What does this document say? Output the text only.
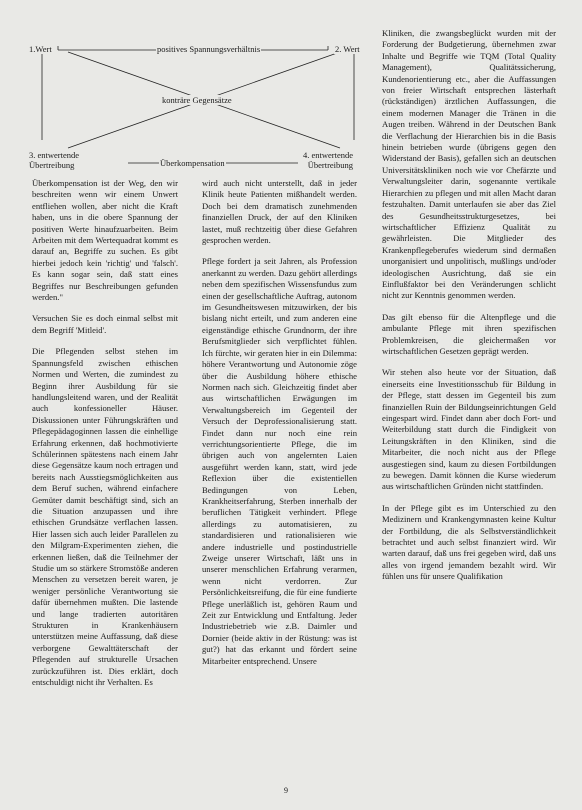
1.Wert	positives Spannungsverhältnis	2. Wert
konträre Gegensätze
3. entwertende
Übertreibung	Überkompensation
4. entwertende
Übertreibung

Überkompensation ist der Weg, den wir beschreiten wenn wir einem Unwert entfliehen wollen, aber nicht die Kraft haben, uns in die obere Spannung der positiven Werte hinaufzuarbeiten. Beim Arbeiten mit dem Wertequadrat kommt es darauf an, Begriffe zu suchen. Es gibt hierbei jedoch kein 'richtig' und 'falsch'. Es kann sogar sein, daß statt eines Begriffes nur Beschreibungen gefunden werden."

Versuchen Sie es doch einmal selbst mit dem Begriff 'Mitleid'.

Die Pflegenden selbst stehen im Spannungsfeld zwischen ethischen Normen und Werten, die zumindest zu Beginn ihrer Ausbildung für sie handlungsleitend waren, und der Realität auch konfessioneller Häuser. Diskussionen unter Führungskräften und Pflegepädagoginnen lassen die einhellige Erfahrung erkennen, daß hochmotivierte Schülerinnen spätestens nach einem Jahr diese Gegensätze kaum noch ertragen und bereits nach Ausstiegsmöglichkeiten aus dem Beruf suchen, während einfachere Gemüter damit beschäftigt sind, sich an die Situation anzupassen und ihre ethischen Grundsätze verflachen lassen. Hier lassen sich auch leider Parallelen zu den Milgram-Experimenten ziehen, die erkennen ließen, daß die Teilnehmer der Studie um so stärkere Stromstöße anderen Menschen zu versetzen bereit waren, je weniger persönliche Verantwortung sie dafür übernehmen mußten. Die lastende und lange tradierten autoritären Strukturen in Krankenhäusern unterstützen meine Auffassung, daß diese verborgene Gewalttäterschaft der Pflegenden auf strukturelle Ursachen zurückzuführen ist. Dies erklärt, doch entschuldigt nicht ihr Verhalten. Es

wird auch nicht unterstellt, daß in jeder Klinik heute Patienten mißhandelt werden. Doch bei dem dramatisch zunehmenden finanziellen Druck, der auf den Kliniken lastet, muß rechtzeitig über diese Gefahren gesprochen werden.

Pflege fordert ja seit Jahren, als Profession anerkannt zu werden. Dazu gehört allerdings neben dem spezifischen Wissensfundus zum einen der gesellschaftliche Auftrag, autonom im Gesundheitswesen mitzuwirken, der bis bislang nicht erteilt, und zum anderen eine eigenständige ethische Grundnorm, der ihre Berufsmitglieder sich verpflichtet fühlen. Ich fürchte, wir geraten hier in ein Dilemma: höhere Verantwortung und Autonomie zöge über die Ausbildung höhere ethische Normen nach sich. Gleichzeitig findet aber aus wirtschaftlichen Erwägungen im Verwaltungsbereich im Gegenteil der Versuch der Deprofessionalisierung statt. Findet dann nur noch eine rein verrichtungsorientierte Pflege, die im übrigen auch von angelernten Laien ausgeführt werden kann, statt, wird jede Reflexion über die existentiellen Bedingungen von Leben, Krankheitserfahrung, Sterben innerhalb der beruflichen Tätigkeit verhindert. Pflege allerdings zu automatisieren, zu standardisieren und rationalisieren wie andere industrielle und postindustrielle Zweige unserer Wirtschaft, läßt uns in unserer menschlichen Erfahrung verarmen, wenn nicht verdorren. Zur Persönlichkeitsreifung, die für eine fundierte Pflege unerläßlich ist, gehören Raum und Zeit zur Entwicklung und Entfaltung. Jeder Industriebetrieb wie z.B. Daimler und Dornier (beide aktiv in der Rüstung: was ist gut?) hat das erkannt und fördert seine Mitarbeiter entsprechend. Unsere

Kliniken, die zwangsbeglückt wurden mit der Forderung der Budgetierung, übernehmen zwar Inhalte und Begriffe wie TQM (Total Quality Management), Qualitätssicherung, Kundenorientierung etc., aber die Auffassungen von freier Wirtschaft entsprechen lästerhaft (rückständigen) ärztlichen Auffassungen, die einem modernen Manager die Tränen in die Augen treiben. Während in der Deutschen Bank die Verflachung der Hierarchien bis in die Basis hinein betrieben wurde (übrigens gegen den Widerstand der Basis), gefallen sich an deutschen Universitätskliniken noch wie vor Chefärzte und Verwaltungsleiter darin, sogenannte vertikale Hierarchien zu pflegen und mit allen Macht daran festzuhalten. Damit unterlaufen sie aber das Ziel des Gesundheitsstrukturgesetzes, bei wirtschaftlicher Effizienz Qualität zu gewährleisten. Die Mitglieder des Krankenpflegeberufes wiederum sind dermaßen unorganisiert und unpolitisch, mußlings und/oder ideologischen Ausrichtung, daß sie ein Einflußfaktor bei den Veränderungen schlicht nicht zur Kenntnis genommen werden.

Das gilt ebenso für die Altenpflege und die ambulante Pflege mit ihren spezifischen Problemkreisen, die gleichermaßen vor wirtschaftlichen Gesetzen geprägt werden.

Wir stehen also heute vor der Situation, daß einerseits eine Investitionsschub für Bildung in der Pflege, statt dessen im Gegenteil bis zum finanziellen Ruin der Bildungseinrichtungen Geld eingespart wird. Findet dann aber doch Fort- und Weiterbildung statt durch die Findigkeit von Leitungskräften in den Kliniken, sind die Mitarbeiter, die noch nicht aus der Pflege ausgestiegen sind, kaum zu diesen Fortbildungen zu bewegen. Damit können die Kurse wiederum aus wirtschaftlichen Gründen nicht stattfinden.

In der Pflege gibt es im Unterschied zu den Medizinern und Krankengymnasten keine Kultur der Fortbildung, die als Selbstverständlichkeit betrachtet und auch selbst finanziert wird. Wir warten darauf, daß uns frei gegeben wird, daß uns alles von irgend jemandem bezahlt wird. Wir fühlen uns für unsere Qualifikation

9
